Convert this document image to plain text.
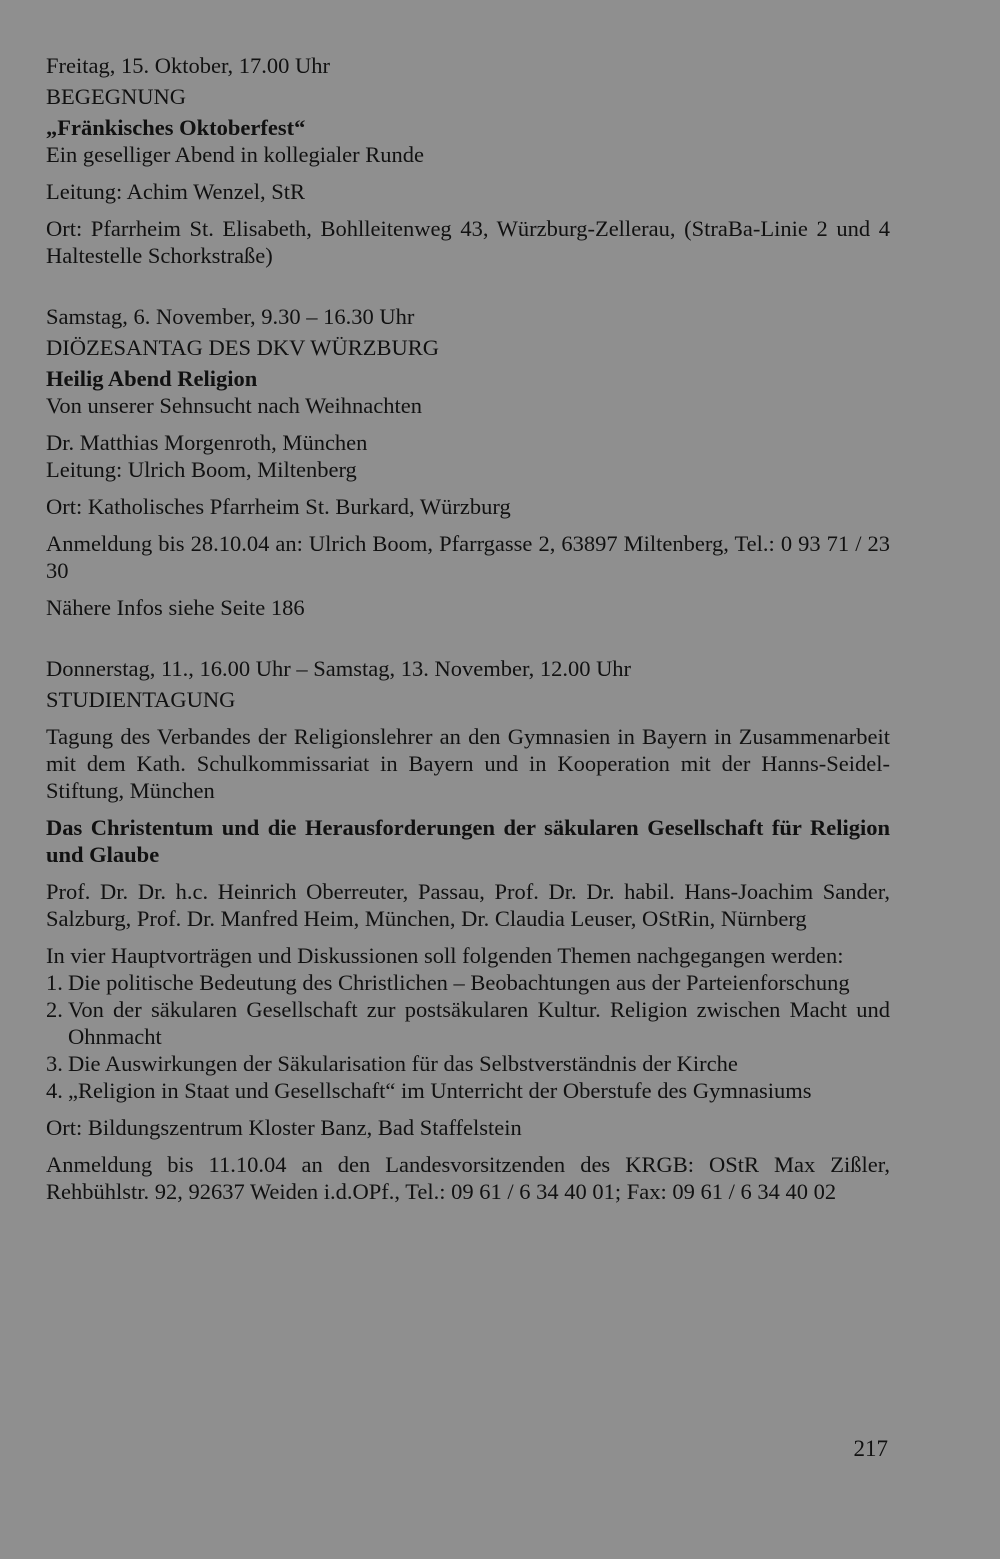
Freitag, 15. Oktober, 17.00 Uhr

BEGEGNUNG

„Fränkisches Oktoberfest“

Ein geselliger Abend in kollegialer Runde

Leitung: Achim Wenzel, StR

Ort: Pfarrheim St. Elisabeth, Bohlleitenweg 43, Würzburg-Zellerau, (StraBa-Linie 2 und 4 Haltestelle Schorkstraße)

Samstag, 6. November, 9.30 – 16.30 Uhr

DIÖZESANTAG DES DKV WÜRZBURG

Heilig Abend Religion

Von unserer Sehnsucht nach Weihnachten

Dr. Matthias Morgenroth, München

Leitung: Ulrich Boom, Miltenberg

Ort: Katholisches Pfarrheim St. Burkard, Würzburg

Anmeldung bis 28.10.04 an: Ulrich Boom, Pfarrgasse 2, 63897 Miltenberg, Tel.: 0 93 71 / 23 30

Nähere Infos siehe Seite 186

Donnerstag, 11., 16.00 Uhr – Samstag, 13. November, 12.00 Uhr

STUDIENTAGUNG

Tagung des Verbandes der Religionslehrer an den Gymnasien in Bayern in Zusammenarbeit mit dem Kath. Schulkommissariat in Bayern und in Kooperation mit der Hanns-Seidel-Stiftung, München

Das Christentum und die Herausforderungen der säkularen Gesellschaft für Religion und Glaube

Prof. Dr. Dr. h.c. Heinrich Oberreuter, Passau, Prof. Dr. Dr. habil. Hans-Joachim Sander, Salzburg, Prof. Dr. Manfred Heim, München, Dr. Claudia Leuser, OStRin, Nürnberg

In vier Hauptvorträgen und Diskussionen soll folgenden Themen nachgegangen werden:

1. Die politische Bedeutung des Christlichen – Beobachtungen aus der Parteienforschung
2. Von der säkularen Gesellschaft zur postsäkularen Kultur. Religion zwischen Macht und Ohnmacht
3. Die Auswirkungen der Säkularisation für das Selbstverständnis der Kirche
4. „Religion in Staat und Gesellschaft“ im Unterricht der Oberstufe des Gymnasiums

Ort: Bildungszentrum Kloster Banz, Bad Staffelstein

Anmeldung bis 11.10.04 an den Landesvorsitzenden des KRGB: OStR Max Zißler, Rehbühlstr. 92, 92637 Weiden i.d.OPf., Tel.: 09 61 / 6 34 40 01; Fax: 09 61 / 6 34 40 02

217
